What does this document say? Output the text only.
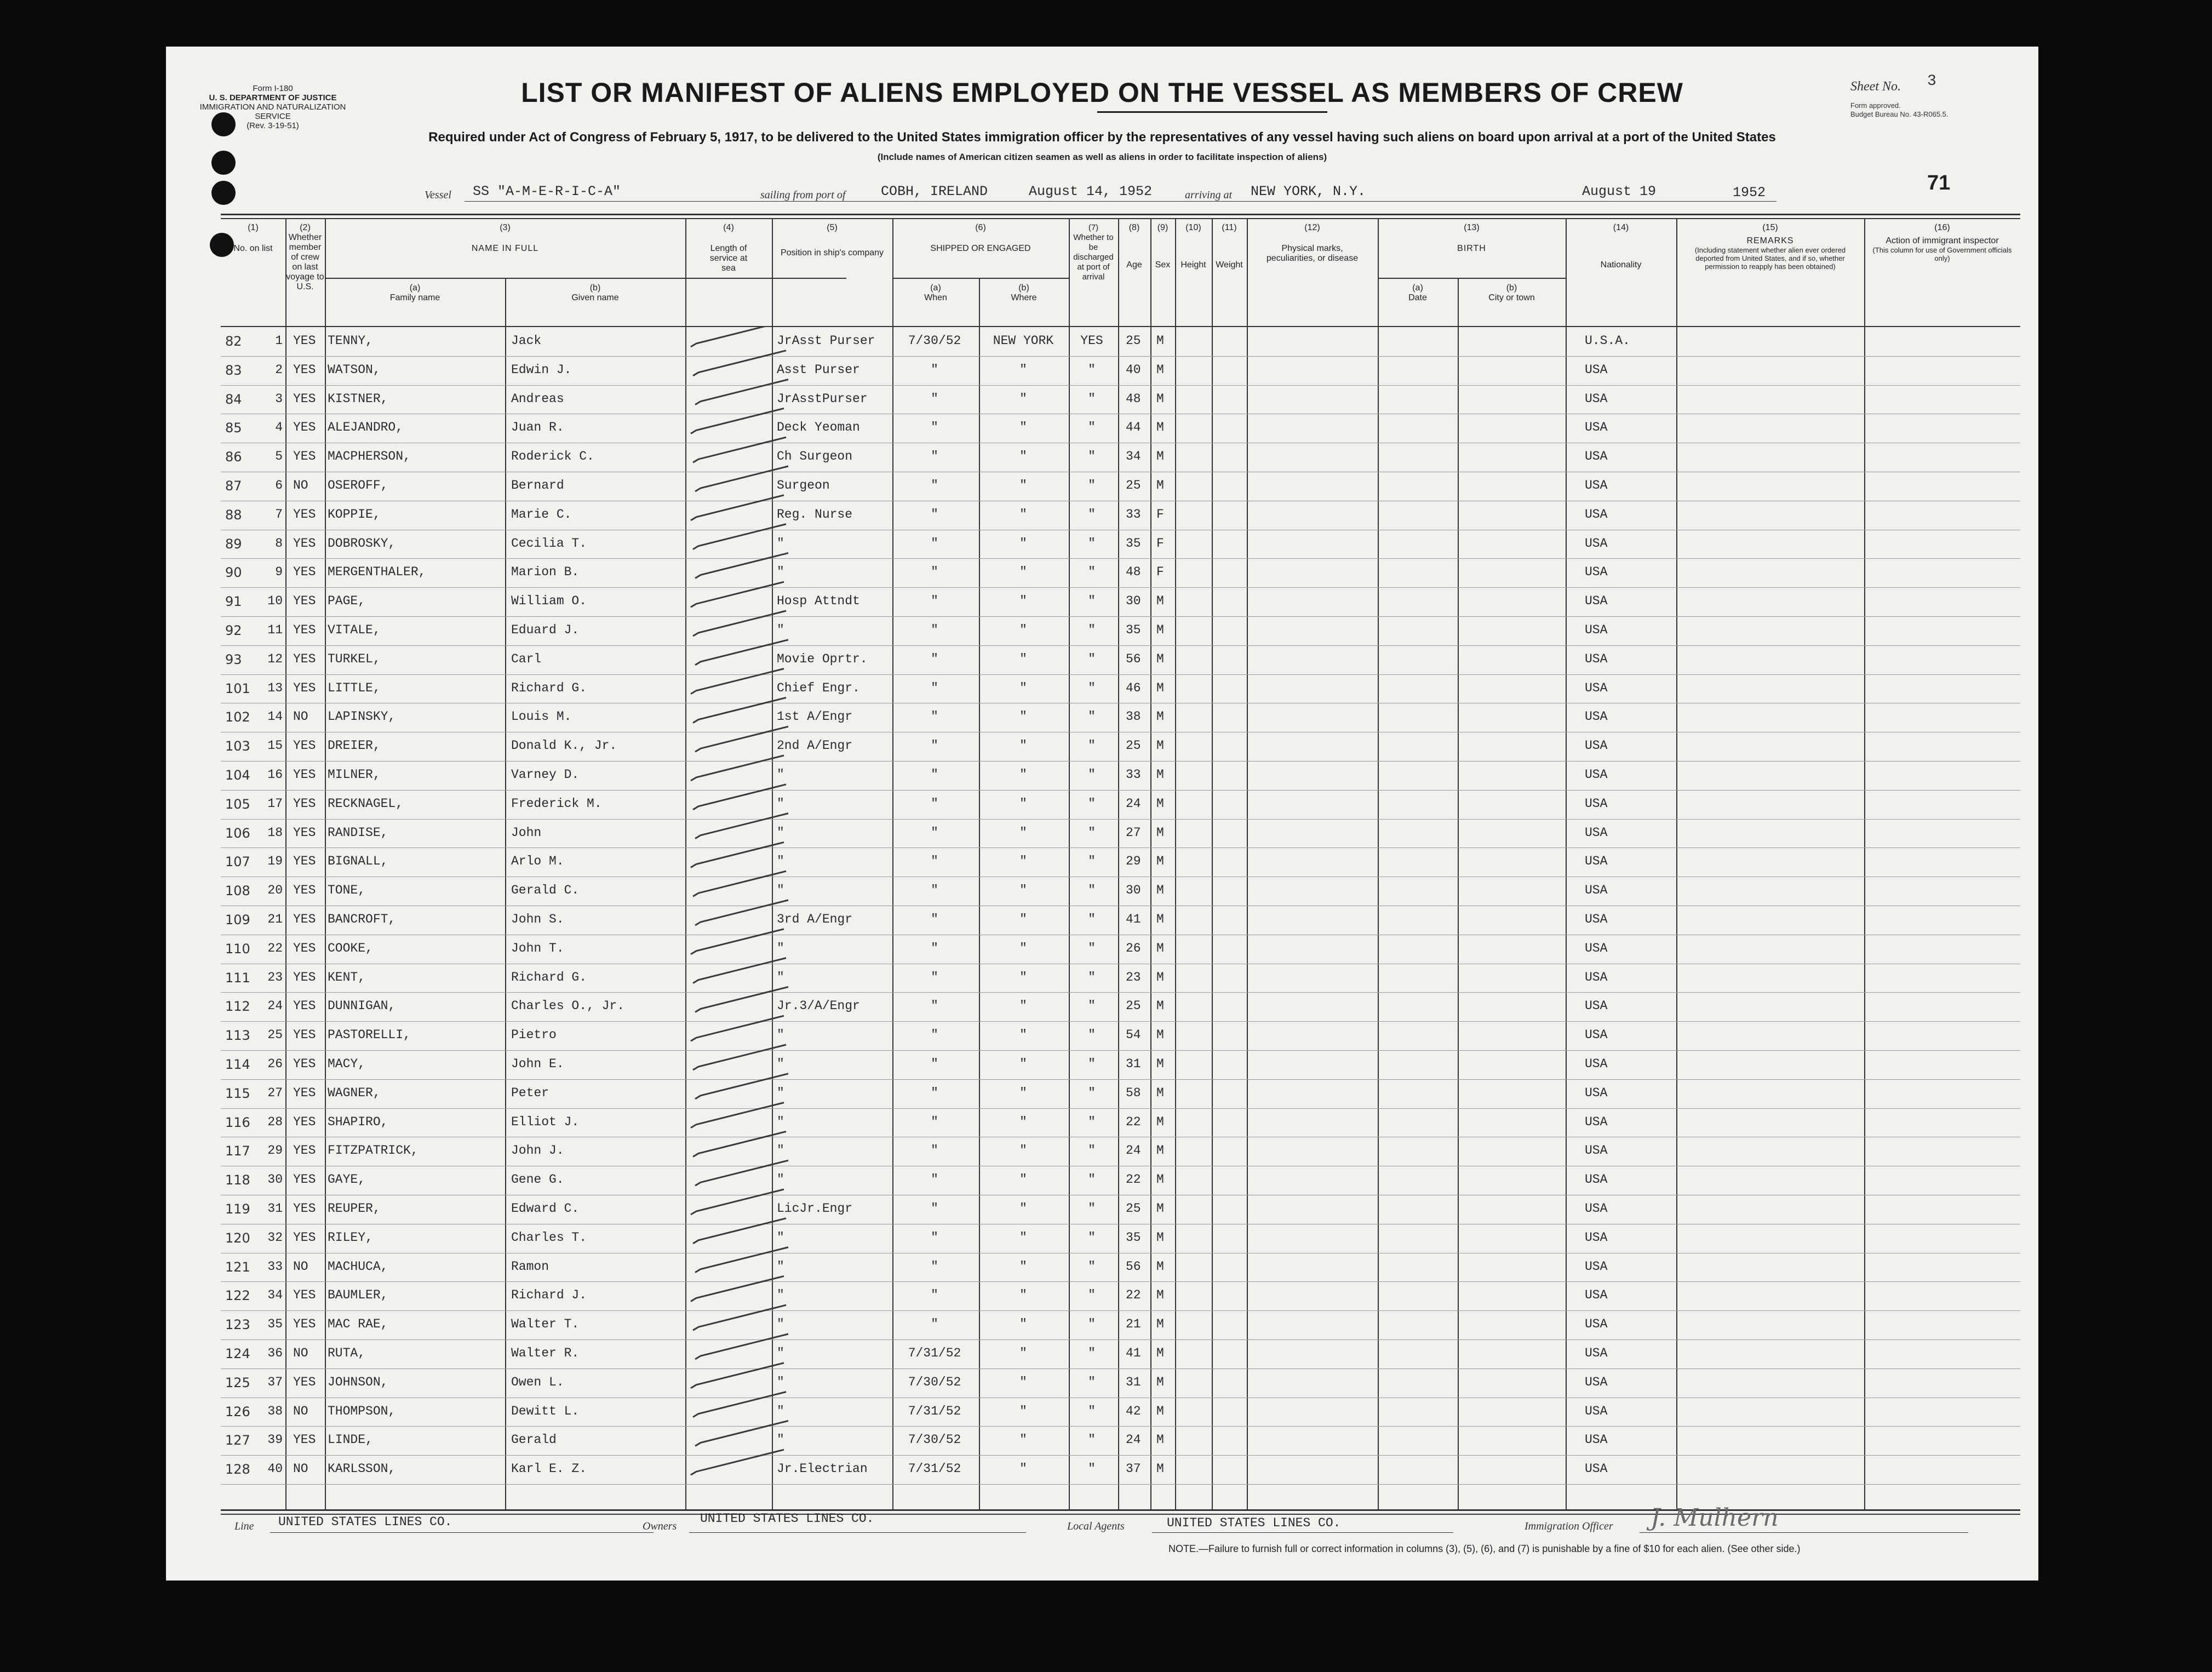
Form I-180
U. S. DEPARTMENT OF JUSTICE
IMMIGRATION AND NATURALIZATION SERVICE
(Rev. 3-19-51)
LIST OR MANIFEST OF ALIENS EMPLOYED ON THE VESSEL AS MEMBERS OF CREW	Sheet No. 3
Form approved.
Budget Bureau No. 43-R065.5.
Required under Act of Congress of February 5, 1917, to be delivered to the United States immigration officer by the representatives of any vessel having such aliens on board upon arrival at a port of the United States
(Include names of American citizen seamen as well as aliens in order to facilitate inspection of aliens)
Vessel SS "A-M-E-R-I-C-A"	sailing from port of	COBH, IRELAND	August 14, 1952	arriving at NEW YORK, N.Y.	August 19	1952	71
(1)
No. on list
(2)
Whether member of crew on last voyage to U.S.
(3)
NAME IN FULL
(a)
Family name
(b)
Given name
(4)
Length of service at sea
(5)
Position in ship's company
(6)
SHIPPED OR ENGAGED
(a)
When
(b)
Where
(7)
Whether to be discharged at port of arrival
(8)
Age
(9)
Sex
(10)
Height
(11)
Weight
(12)
Physical marks, peculiarities, or disease
(13)
BIRTH
(a)
Date
(b)
City or town
(14)
Nationality
(15)
REMARKS
(Including statement whether alien ever ordered deported from United States, and if so, whether permission to reapply has been obtained)
(16)
Action of immigrant inspector
(This column for use of Government officials only)
82	1 YES TENNY,	Jack	JrAsst Purser	7/30/52	NEW YORK	YES	25 M	U.S.A.
83	2 YES WATSON,	Edwin J.	Asst Purser	"	"	"	40 M	USA
84	3 YES KISTNER,	Andreas	JrAsstPurser	"	"	"	48 M	USA
85	4 YES ALEJANDRO,	Juan R.	Deck Yeoman	"	"	"	44 M	USA
86	5 YES MACPHERSON,	Roderick C.	Ch Surgeon	"	"	"	34 M	USA
87	6 NO OSEROFF,	Bernard	Surgeon	"	"	"	25 M	USA
88	7 YES KOPPIE,	Marie C.	Reg. Nurse	"	"	"	33 F	USA
89	8 YES DOBROSKY,	Cecilia T.	"	"	"	"	35 F	USA
90	9 YES MERGENTHALER,	Marion B.	"	"	"	"	48 F	USA
91	10 YES PAGE,	William O.	Hosp Attndt	"	"	"	30 M	USA
92	11 YES VITALE,	Eduard J.	"	"	"	"	35 M	USA
93	12 YES TURKEL,	Carl	Movie Oprtr.	"	"	"	56 M	USA
101	13 YES LITTLE,	Richard G.	Chief Engr.	"	"	"	46 M	USA
102	14 NO LAPINSKY,	Louis M.	1st A/Engr	"	"	"	38 M	USA
103	15 YES DREIER,	Donald K., Jr.	2nd A/Engr	"	"	"	25 M	USA
104	16 YES MILNER,	Varney D.	"	"	"	"	33 M	USA
105	17 YES RECKNAGEL,	Frederick M.	"	"	"	"	24 M	USA
106	18 YES RANDISE,	John	"	"	"	"	27 M	USA
107	19 YES BIGNALL,	Arlo M.	"	"	"	"	29 M	USA
108	20 YES TONE,	Gerald C.	"	"	"	"	30 M	USA
109	21 YES BANCROFT,	John S.	3rd A/Engr	"	"	"	41 M	USA
110	22 YES COOKE,	John T.	"	"	"	"	26 M	USA
111	23 YES KENT,	Richard G.	"	"	"	"	23 M	USA
112	24 YES DUNNIGAN,	Charles O., Jr.	Jr.3/A/Engr	"	"	"	25 M	USA
113	25 YES PASTORELLI,	Pietro	"	"	"	"	54 M	USA
114	26 YES MACY,	John E.	"	"	"	"	31 M	USA
115	27 YES WAGNER,	Peter	"	"	"	"	58 M	USA
116	28 YES SHAPIRO,	Elliot J.	"	"	"	"	22 M	USA
117	29 YES FITZPATRICK,	John J.	"	"	"	"	24 M	USA
118	30 YES GAYE,	Gene G.	"	"	"	"	22 M	USA
119	31 YES REUPER,	Edward C.	LicJr.Engr	"	"	"	25 M	USA
120	32 YES RILEY,	Charles T.	"	"	"	"	35 M	USA
121	33 NO MACHUCA,	Ramon	"	"	"	"	56 M	USA
122	34 YES BAUMLER,	Richard J.	"	"	"	"	22 M	USA
123	35 YES MAC RAE,	Walter T.	"	"	"	"	21 M	USA
124	36 NO RUTA,	Walter R.	"	7/31/52	"	"	41 M	USA
125	37 YES JOHNSON,	Owen L.	"	7/30/52	"	"	31 M	USA
126	38 NO THOMPSON,	Dewitt L.	"	7/31/52	"	"	42 M	USA
127	39 YES LINDE,	Gerald	"	7/30/52	"	"	24 M	USA
128	40 NO KARLSSON,	Karl E. Z.	Jr.Electrian	7/31/52	"	"	37 M	USA
Line UNITED STATES LINES CO.	Owners
UNITED STATES LINES CO.
Local Agents	UNITED STATES LINES CO.	Immigration Officer J. Mulhern
NOTE.—Failure to furnish full or correct information in columns (3), (5), (6), and (7) is punishable by a fine of $10 for each alien. (See other side.)
